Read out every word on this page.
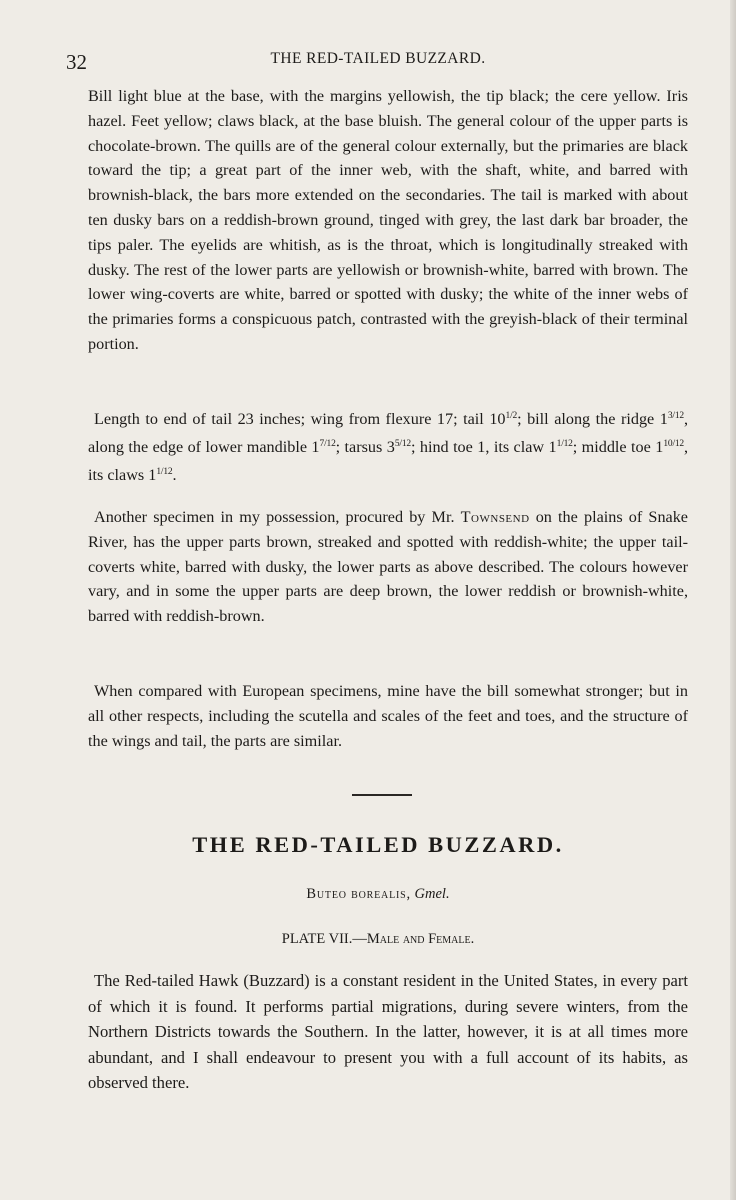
32	THE RED-TAILED BUZZARD.

Bill light blue at the base, with the margins yellowish, the tip black; the cere yellow. Iris hazel. Feet yellow; claws black, at the base bluish. The general colour of the upper parts is chocolate-brown. The quills are of the general colour externally, but the primaries are black toward the tip; a great part of the inner web, with the shaft, white, and barred with brownish-black, the bars more extended on the secondaries. The tail is marked with about ten dusky bars on a reddish-brown ground, tinged with grey, the last dark bar broader, the tips paler. The eyelids are whitish, as is the throat, which is longitudinally streaked with dusky. The rest of the lower parts are yellowish or brownish-white, barred with brown. The lower wing-coverts are white, barred or spotted with dusky; the white of the inner webs of the primaries forms a conspicuous patch, contrasted with the greyish-black of their terminal portion.

Length to end of tail 23 inches; wing from flexure 17; tail $10^{1/2}$; bill along the ridge $1^{3/12}$, along the edge of lower mandible $1^{7/12}$; tarsus $3^{5/12}$; hind toe 1, its claw $1^{1/12}$; middle toe $1^{10/12}$, its claws $1^{1/12}$.

Another specimen in my possession, procured by Mr. Townsend on the plains of Snake River, has the upper parts brown, streaked and spotted with reddish-white; the upper tail-coverts white, barred with dusky, the lower parts as above described. The colours however vary, and in some the upper parts are deep brown, the lower reddish or brownish-white, barred with reddish-brown.

When compared with European specimens, mine have the bill somewhat stronger; but in all other respects, including the scutella and scales of the feet and toes, and the structure of the wings and tail, the parts are similar.

THE RED-TAILED BUZZARD.
Buteo borealis, Gmel.
PLATE VII.—Male and Female.

The Red-tailed Hawk (Buzzard) is a constant resident in the United States, in every part of which it is found. It performs partial migrations, during severe winters, from the Northern Districts towards the Southern. In the latter, however, it is at all times more abundant, and I shall endeavour to present you with a full account of its habits, as observed there.
